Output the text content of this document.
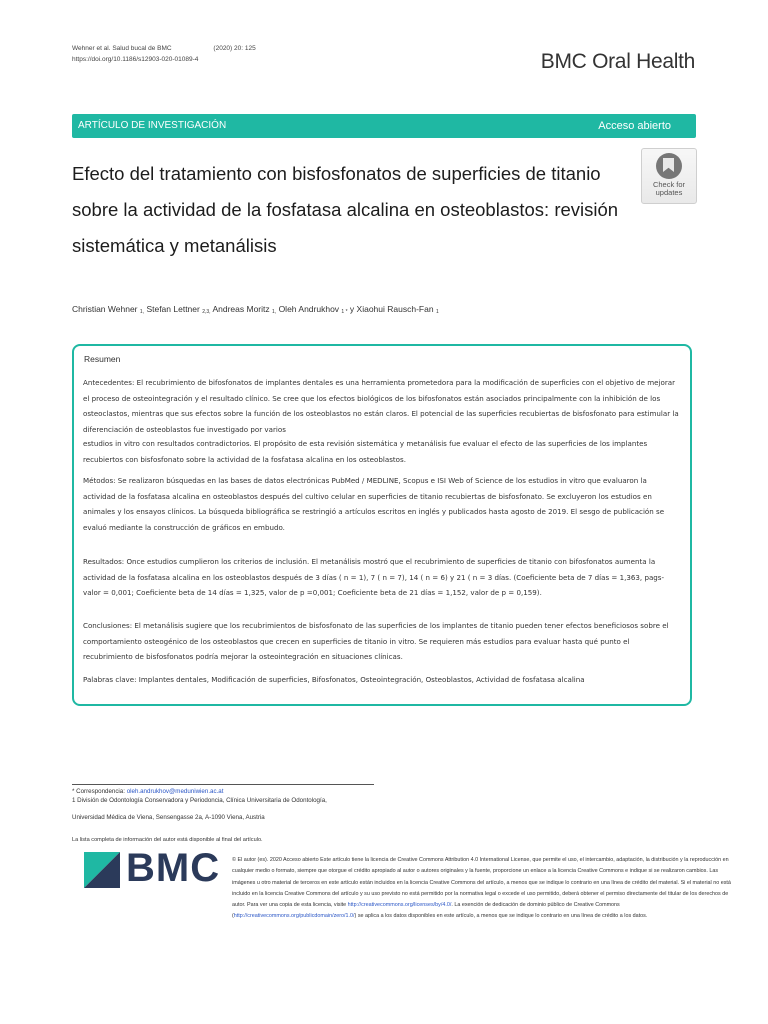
Wehner et al. Salud bucal de BMC	(2020) 20: 125
https://doi.org/10.1186/s12903-020-01089-4	BMC Oral Health
ARTÍCULO DE INVESTIGACIÓN	Acceso abierto
Efecto del tratamiento con bisfosfonatos de superficies de titanio sobre la actividad de la fosfatasa alcalina en osteoblastos: revisión sistemática y metanálisis
Check for
updates
Christian Wehner $_{1,}$ Stefan Lettner $_{2,3,}$ Andreas Moritz $_{1,}$ Oleh Andrukhov $_{1 *}$ y Xiaohui Rausch-Fan $_1$
Resumen

Antecedentes: El recubrimiento de bifosfonatos de implantes dentales es una herramienta prometedora para la modificación de superficies con el objetivo de mejorar el proceso de osteointegración y el resultado clínico. Se cree que los efectos biológicos de los bifosfonatos están asociados principalmente con la inhibición de los osteoclastos, mientras que sus efectos sobre la función de los osteoblastos no están claros. El potencial de las superficies recubiertas de bisfosfonato para estimular la diferenciación de osteoblastos fue investigado por varios

estudios in vitro con resultados contradictorios. El propósito de esta revisión sistemática y metanálisis fue evaluar el efecto de las superficies de los implantes recubiertos con bisfosfonato sobre la actividad de la fosfatasa alcalina en los osteoblastos.

Métodos: Se realizaron búsquedas en las bases de datos electrónicas PubMed / MEDLINE, Scopus e ISI Web of Science de los estudios in vitro que evaluaron la actividad de la fosfatasa alcalina en osteoblastos después del cultivo celular en superficies de titanio recubiertas de bisfosfonato. Se excluyeron los estudios en animales y los ensayos clínicos. La búsqueda bibliográfica se restringió a artículos escritos en inglés y publicados hasta agosto de 2019. El sesgo de publicación se evaluó mediante la construcción de gráficos en embudo.

Resultados: Once estudios cumplieron los criterios de inclusión. El metanálisis mostró que el recubrimiento de superficies de titanio con bifosfonatos aumenta la actividad de la fosfatasa alcalina en los osteoblastos después de 3 días ( n = 1), 7 ( n = 7), 14 ( n = 6) y 21 ( n = 3 días. (Coeficiente beta de 7 días = 1,363, pags- valor = 0,001; Coeficiente beta de 14 días = 1,325, valor de p =0,001; Coeficiente beta de 21 días = 1,152, valor de p = 0,159).

Conclusiones: El metanálisis sugiere que los recubrimientos de bisfosfonato de las superficies de los implantes de titanio pueden tener efectos beneficiosos sobre el comportamiento osteogénico de los osteoblastos que crecen en superficies de titanio in vitro. Se requieren más estudios para evaluar hasta qué punto el recubrimiento de bisfosfonatos podría mejorar la osteointegración en situaciones clínicas.

Palabras clave: Implantes dentales, Modificación de superficies, Bifosfonatos, Osteointegración, Osteoblastos, Actividad de fosfatasa alcalina

* Correspondencia: oleh.andrukhov@meduniwien.ac.at
1 División de Odontología Conservadora y Periodoncia, Clínica Universitaria de Odontología,
Universidad Médica de Viena, Sensengasse 2a, A-1090 Viena, Austria
La lista completa de información del autor está disponible al final del artículo.
BMC © El autor (es). 2020 Acceso abierto Este artículo tiene la licencia de Creative Commons Attribution 4.0 International License, que permite el uso, el intercambio, adaptación, la distribución y la reproducción en cualquier medio o formato, siempre que otorgue el crédito apropiado al autor o autores originales y la fuente, proporcione un enlace a la licencia Creative Commons e indique si se realizaron cambios. Las imágenes u otro material de terceros en este artículo están incluidos en la licencia Creative Commons del artículo, a menos que se indique lo contrario en una línea de crédito del material. Si el material no está incluido en la licencia Creative Commons del artículo y su uso previsto no está permitido por la normativa legal o excede el uso permitido, deberá obtener el permiso directamente del titular de los derechos de autor. Para ver una copia de esta licencia, visite http://creativecommons.org/licenses/by/4.0/. La exención de dedicación de dominio público de Creative Commons (http://creativecommons.org/publicdomain/zero/1.0/) se aplica a los datos disponibles en este artículo, a menos que se indique lo contrario en una línea de crédito a los datos.
